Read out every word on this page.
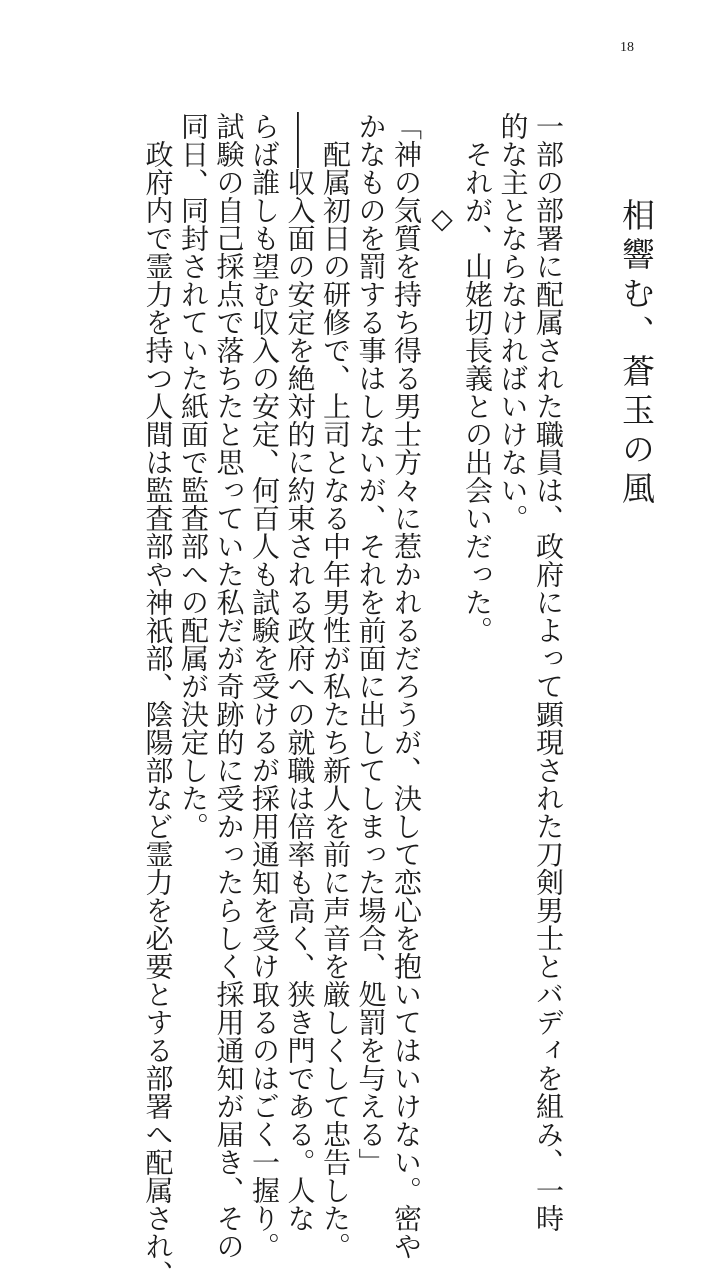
18
相響む、蒼玉の風
一部の部署に配属された職員は、政府によって顕現された刀剣男士とバディを組み、一時
的な主とならなければいけない。
　それが、山姥切長義との出会いだった。
◇
「神の気質を持ち得る男士方々に惹かれるだろうが、決して恋心を抱いてはいけない。密や
かなものを罰する事はしないが、それを前面に出してしまった場合、処罰を与える」
　配属初日の研修で、上司となる中年男性が私たち新人を前に声音を厳しくして忠告した。
――収入面の安定を絶対的に約束される政府への就職は倍率も高く、狭き門である。人な
らば誰しも望む収入の安定、何百人も試験を受けるが採用通知を受け取るのはごく一握り。
試験の自己採点で落ちたと思っていた私だが奇跡的に受かったらしく採用通知が届き、その
同日、同封されていた紙面で監査部への配属が決定した。
　政府内で霊力を持つ人間は監査部や神祇部、陰陽部など霊力を必要とする部署へ配属され、
